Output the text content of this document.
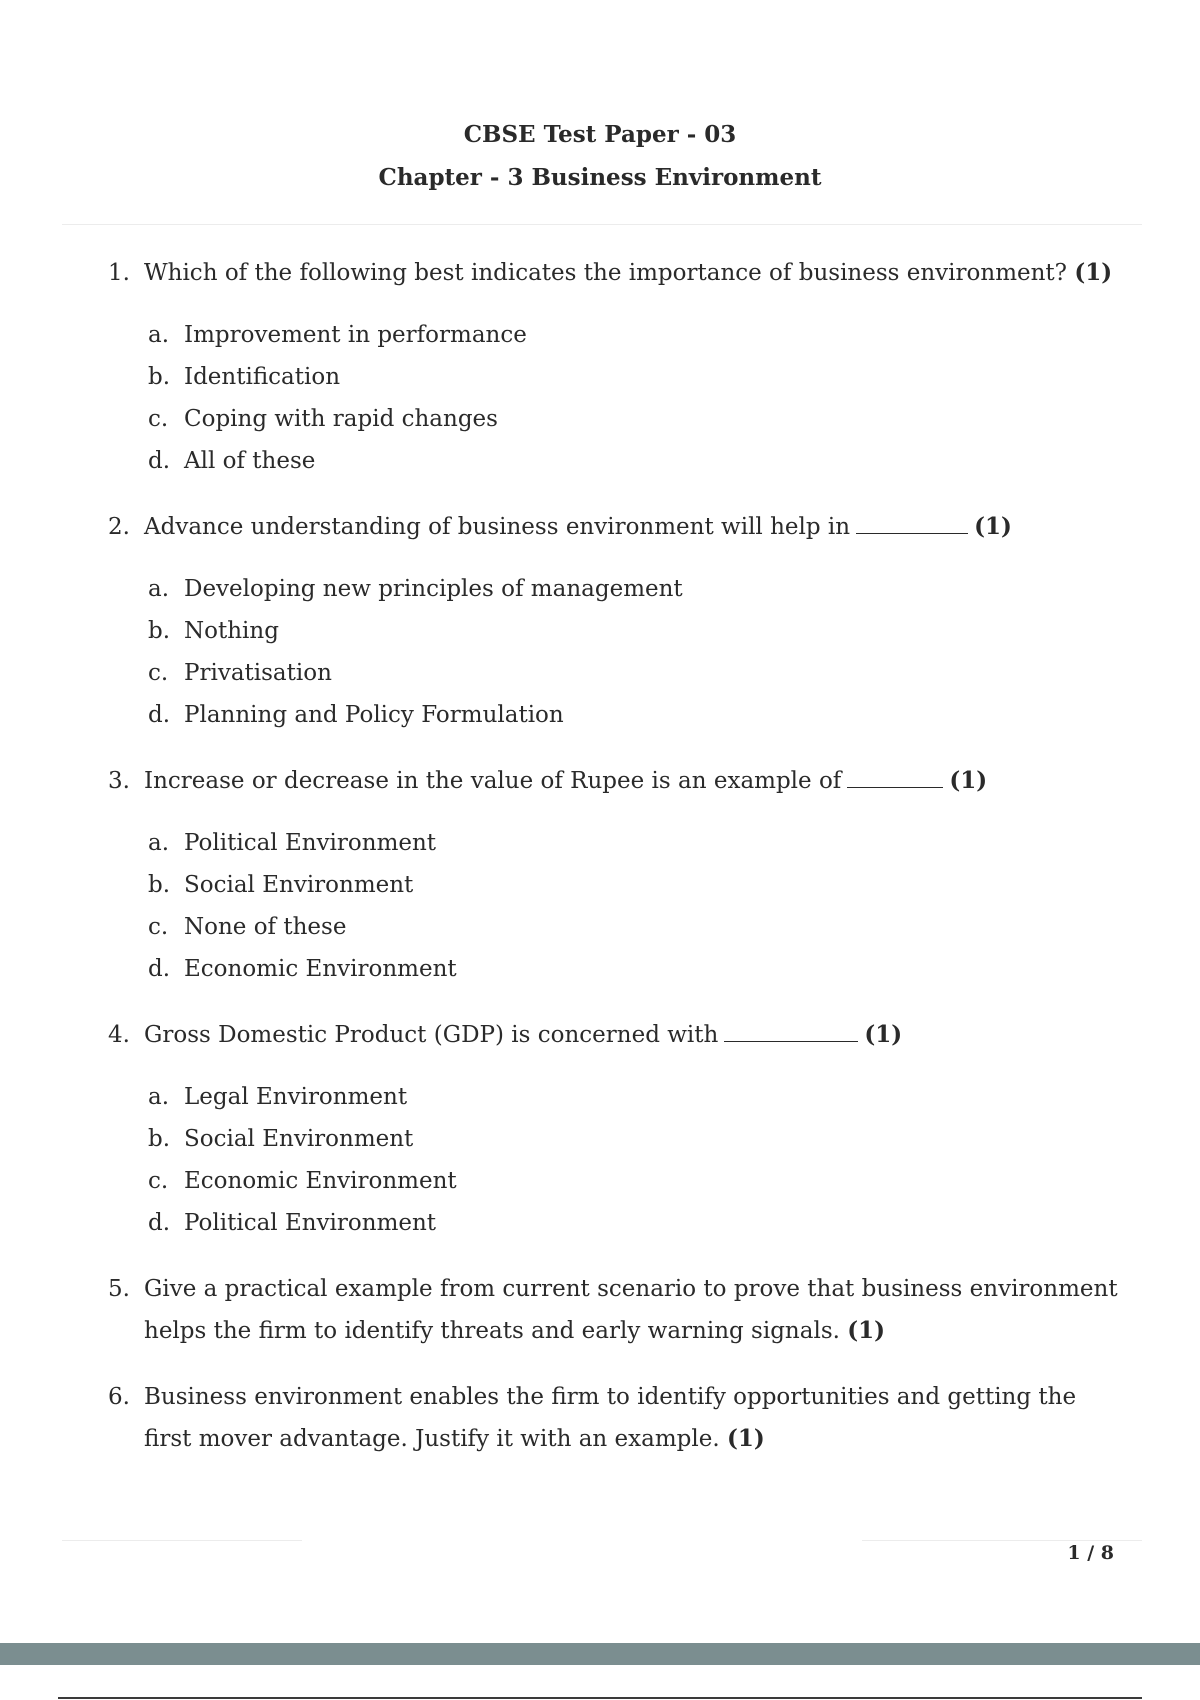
CBSE Test Paper - 03
Chapter - 3 Business Environment
1. Which of the following best indicates the importance of business environment? (1)
a. Improvement in performance
b. Identification
c. Coping with rapid changes
d. All of these
2. Advance understanding of business environment will help in	(1)
a. Developing new principles of management
b. Nothing
c. Privatisation
d. Planning and Policy Formulation
3. Increase or decrease in the value of Rupee is an example of	(1)
a. Political Environment
b. Social Environment
c. None of these
d. Economic Environment
4. Gross Domestic Product (GDP) is concerned with	(1)
a. Legal Environment
b. Social Environment
c. Economic Environment
d. Political Environment
5. Give a practical example from current scenario to prove that business environment helps the firm to identify threats and early warning signals. (1)
6. Business environment enables the firm to identify opportunities and getting the first mover advantage. Justify it with an example. (1)
1 / 8
